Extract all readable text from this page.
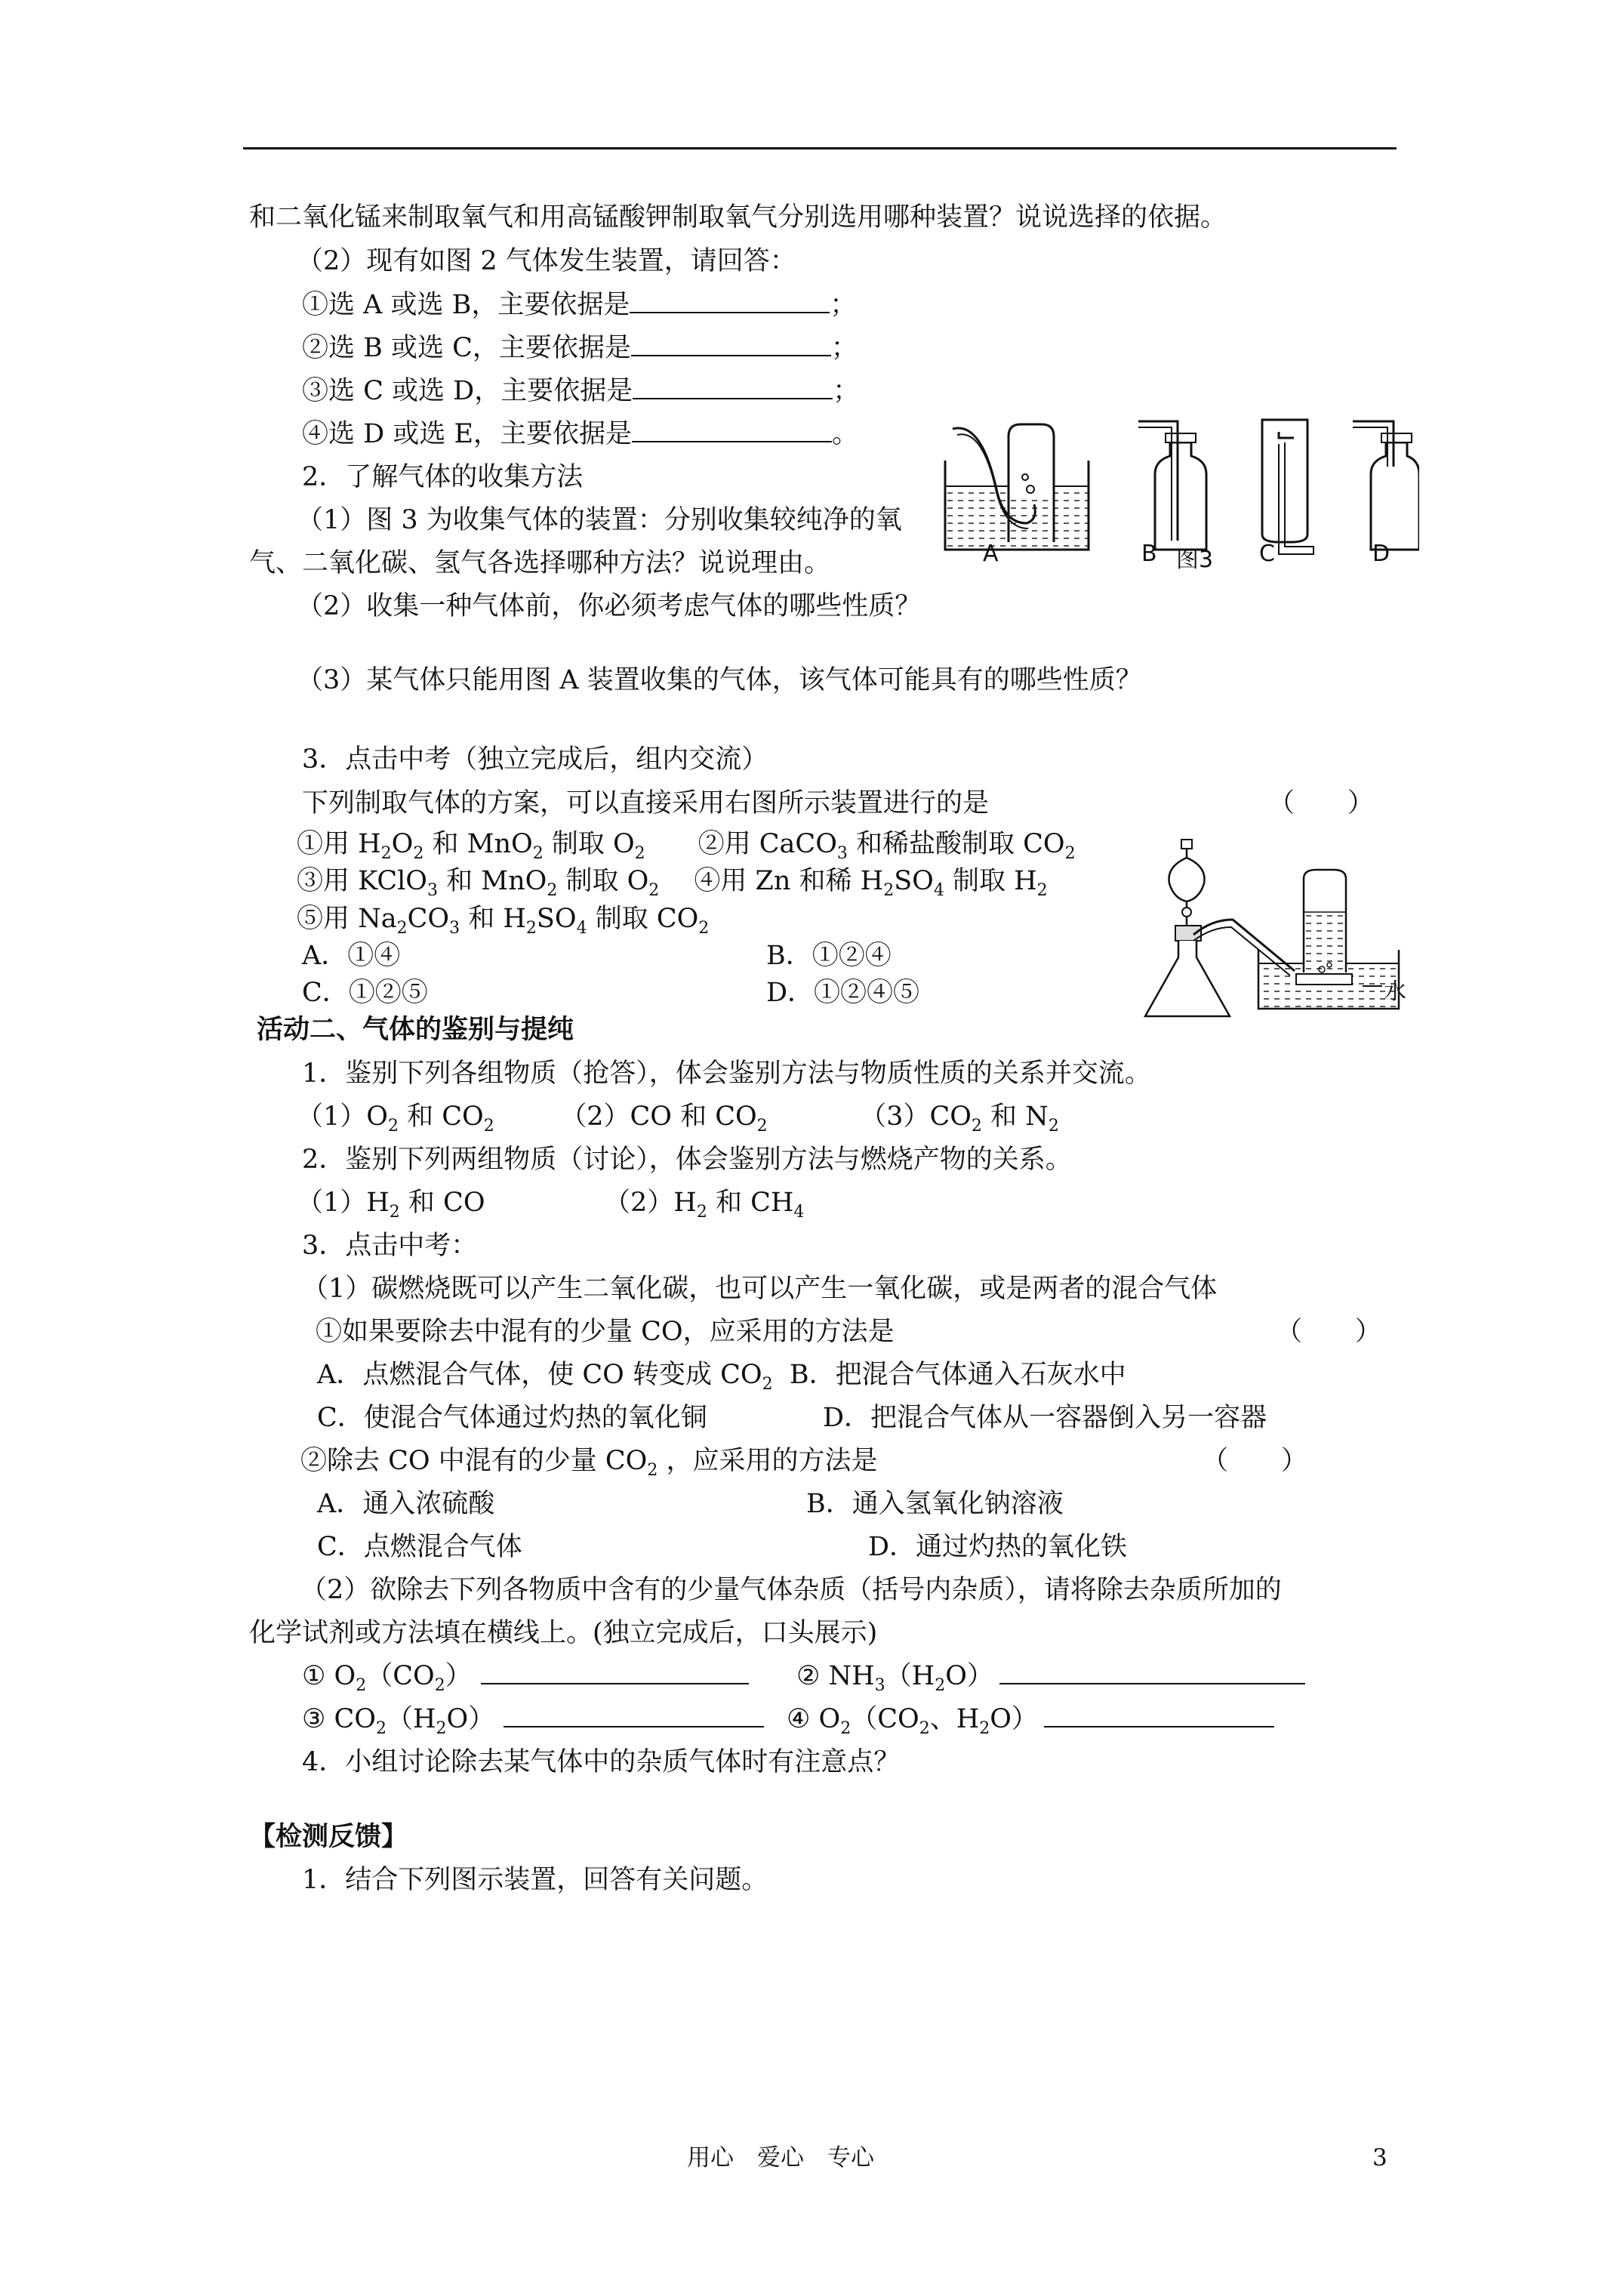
和二氧化锰来制取氧气和用高锰酸钾制取氧气分别选用哪种装置？说说选择的依据。
（2）现有如图 2 气体发生装置，请回答：
①选 A 或选 B，主要依据是	；
②选 B 或选 C，主要依据是	；
③选 C 或选 D，主要依据是	；
④选 D 或选 E，主要依据是	。
2．了解气体的收集方法
（1）图 3 为收集气体的装置：分别收集较纯净的氧
气、二氧化碳、氢气各选择哪种方法？说说理由。
（2）收集一种气体前，你必须考虑气体的哪些性质？
（3）某气体只能用图 A 装置收集的气体，该气体可能具有的哪些性质？
3．点击中考（独立完成后，组内交流）
下列制取气体的方案，可以直接采用右图所示装置进行的是	（　　）
①用 $H_2O_2$ 和 MnO$_2$ 制取 $O_2$　　②用 CaCO$_3$ 和稀盐酸制取 $CO_2$
③用 KClO$_3$ 和 MnO$_2$ 制取 $O_2$　 ④用 Zn 和稀 $H_2SO_4$ 制取 $H_2$
⑤用 $Na_2CO_3$ 和 $H_2SO_4$ 制取 $CO_2$
A．①④	B．①②④
C．①②⑤	D．①②④⑤
活动二、气体的鉴别与提纯
1．鉴别下列各组物质（抢答），体会鉴别方法与物质性质的关系并交流。
$(1)O_2$ 和 $CO_2$　　　（2）CO 和 $CO_2$　　　　$(3)CO_2$ 和 $N_2$
2．鉴别下列两组物质（讨论），体会鉴别方法与燃烧产物的关系。
$(1)H_2$ 和 CO　　　　　$(2)H_2$ 和 $CH_4$
3．点击中考：
（1）碳燃烧既可以产生二氧化碳，也可以产生一氧化碳，或是两者的混合气体
①如果要除去中混有的少量 CO，应采用的方法是	（　　）
A．点燃混合气体，使 CO 转变成 $CO_2$  B．把混合气体通入石灰水中
C．使混合气体通过灼热的氧化铜	D．把混合气体从一容器倒入另一容器
②除去 CO 中混有的少量 $CO_2$ ，应采用的方法是	（　　）
A．通入浓硫酸	B．通入氢氧化钠溶液
C．点燃混合气体	D．通过灼热的氧化铁
（2）欲除去下列各物质中含有的少量气体杂质（括号内杂质），请将除去杂质所加的
化学试剂或方法填在横线上。(独立完成后，口头展示)
① $O_2(CO_2)$	② $NH_3(H_2O)$
③ $CO_2(H_2O)$	④ $O_2(CO_2$、$H_2O$）
4．小组讨论除去某气体中的杂质气体时有注意点？
【检测反馈】
1．结合下列图示装置，回答有关问题。
A	B 图3 C	D
水
用心　爱心　专心	3
